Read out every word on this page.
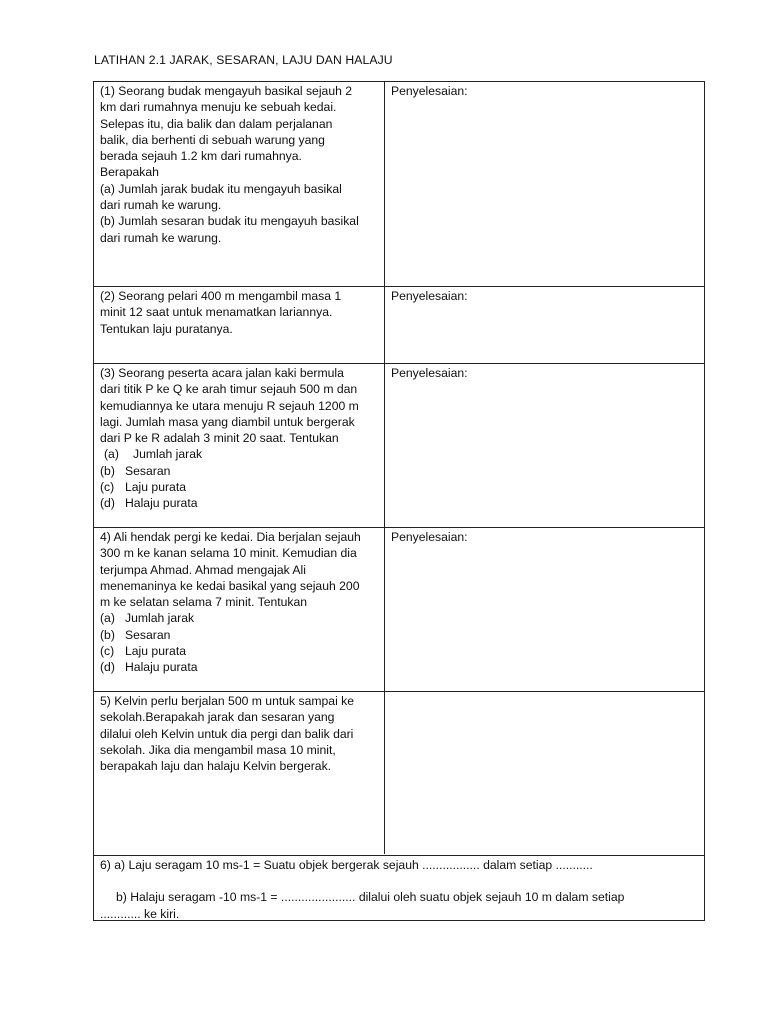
LATIHAN 2.1 JARAK, SESARAN, LAJU DAN HALAJU
(1) Seorang budak mengayuh basikal sejauh 2
km dari rumahnya menuju ke sebuah kedai.
Selepas itu, dia balik dan dalam perjalanan
balik, dia berhenti di sebuah warung yang
berada sejauh 1.2 km dari rumahnya.
Berapakah
(a) Jumlah jarak budak itu mengayuh basikal
dari rumah ke warung.
(b) Jumlah sesaran budak itu mengayuh basikal
dari rumah ke warung.
Penyelesaian:
(2) Seorang pelari 400 m mengambil masa 1
minit 12 saat untuk menamatkan lariannya.
Tentukan laju puratanya.
Penyelesaian:
(3) Seorang peserta acara jalan kaki bermula
dari titik P ke Q ke arah timur sejauh 500 m dan
kemudiannya ke utara menuju R sejauh 1200 m
lagi. Jumlah masa yang diambil untuk bergerak
dari P ke R adalah 3 minit 20 saat. Tentukan
(a)	Jumlah jarak
(b) Sesaran
(c) Laju purata
(d) Halaju purata
Penyelesaian:
4) Ali hendak pergi ke kedai. Dia berjalan sejauh
300 m ke kanan selama 10 minit. Kemudian dia
terjumpa Ahmad. Ahmad mengajak Ali
menemaninya ke kedai basikal yang sejauh 200
m ke selatan selama 7 minit. Tentukan
(a) Jumlah jarak
(b) Sesaran
(c) Laju purata
(d) Halaju purata
Penyelesaian:
5) Kelvin perlu berjalan 500 m untuk sampai ke
sekolah.Berapakah jarak dan sesaran yang
dilalui oleh Kelvin untuk dia pergi dan balik dari
sekolah. Jika dia mengambil masa 10 minit,
berapakah laju dan halaju Kelvin bergerak.
6) a) Laju seragam 10 ms-1 = Suatu objek bergerak sejauh ................. dalam setiap ...........
b) Halaju seragam -10 ms-1 = ...................... dilalui oleh suatu objek sejauh 10 m dalam setiap
............ ke kiri.
